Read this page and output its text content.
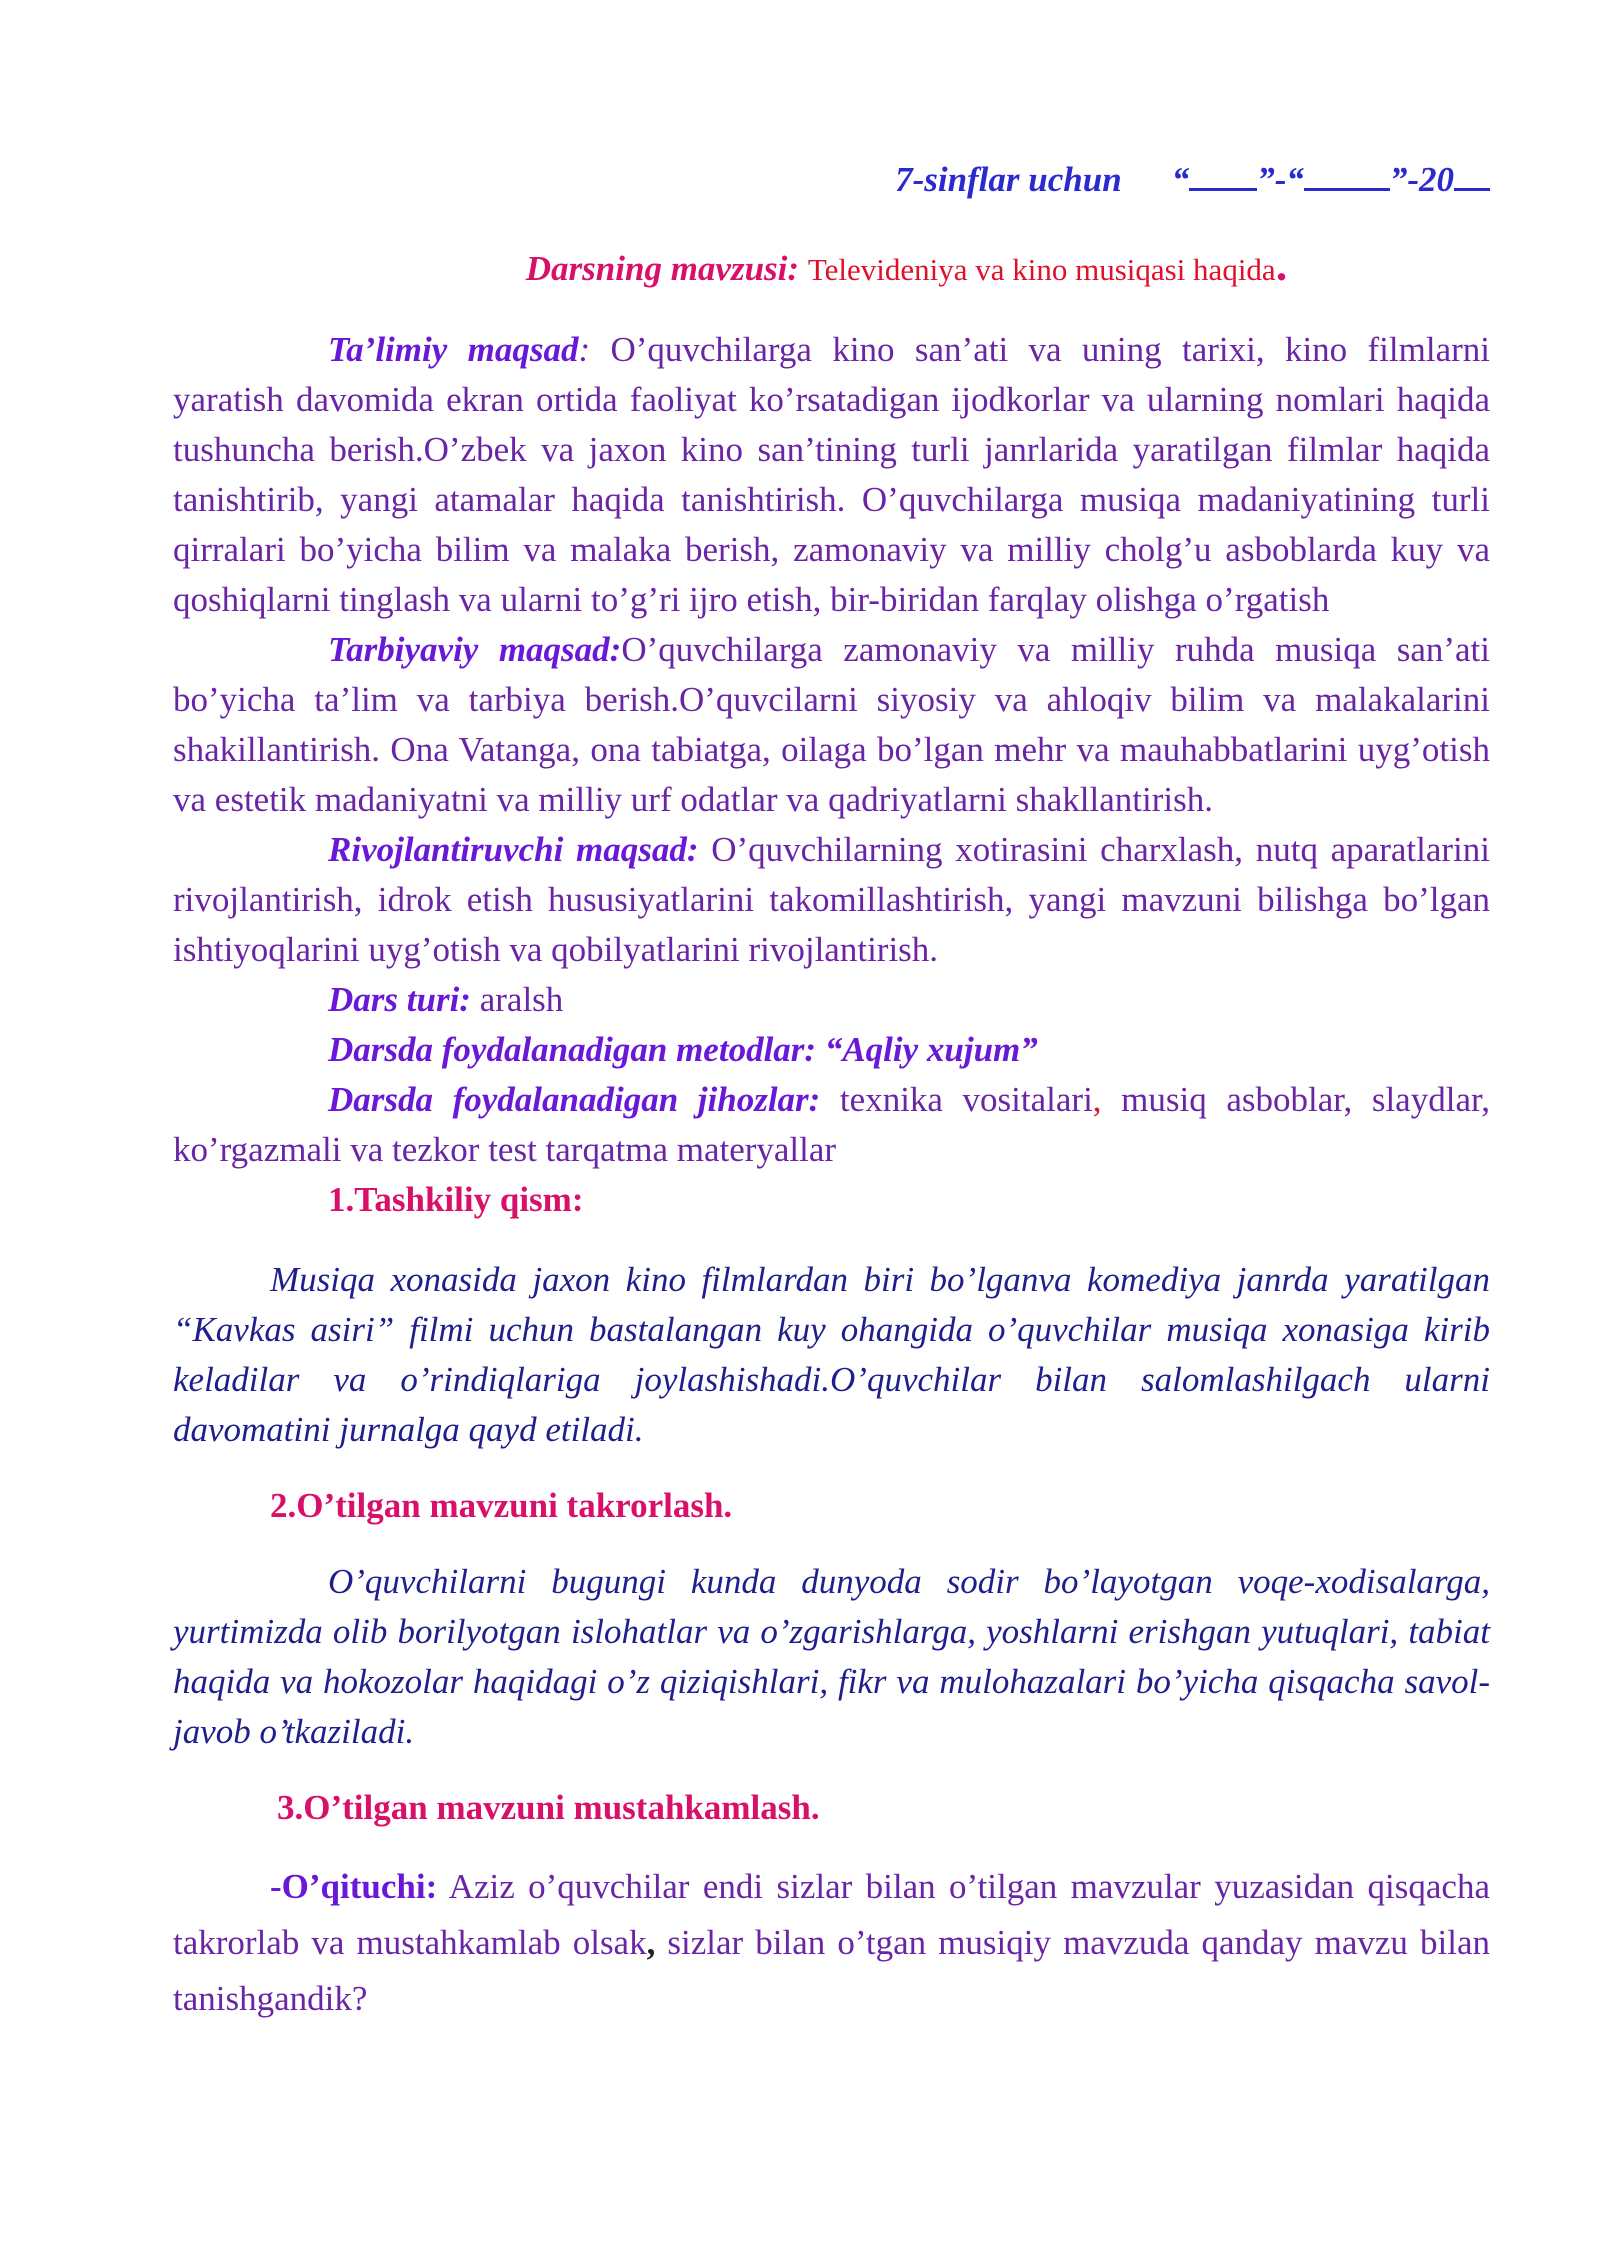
7-sinflar uchun “ ”-“ ”-20

Darsning mavzusi: Televideniya va kino musiqasi haqida.

Ta’limiy maqsad: O’quvchilarga kino san’ati va uning tarixi, kino filmlarni yaratish davomida ekran ortida faoliyat ko’rsatadigan ijodkorlar va ularning nomlari haqida tushuncha berish.O’zbek va jaxon kino san’tining turli janrlarida yaratilgan filmlar haqida tanishtirib, yangi atamalar haqida tanishtirish. O’quvchilarga musiqa madaniyatining turli qirralari bo’yicha bilim va malaka berish, zamonaviy va milliy cholg’u asboblarda kuy va qoshiqlarni tinglash va ularni to’g’ri ijro etish, bir-biridan farqlay olishga o’rgatish

Tarbiyaviy maqsad:O’quvchilarga zamonaviy va milliy ruhda musiqa san’ati bo’yicha ta’lim va tarbiya berish.O’quvcilarni siyosiy va ahloqiv bilim va malakalarini shakillantirish. Ona Vatanga, ona tabiatga, oilaga bo’lgan mehr va mauhabbatlarini uyg’otish va estetik madaniyatni va milliy urf odatlar va qadriyatlarni shakllantirish.

Rivojlantiruvchi maqsad: O’quvchilarning xotirasini charxlash, nutq aparatlarini rivojlantirish, idrok etish hususiyatlarini takomillashtirish, yangi mavzuni bilishga bo’lgan ishtiyoqlarini uyg’otish va qobilyatlarini rivojlantirish.

Dars turi: aralsh

Darsda foydalanadigan metodlar: “Aqliy xujum”

Darsda foydalanadigan jihozlar: texnika vositalari, musiq asboblar, slaydlar, ko’rgazmali va tezkor test tarqatma materyallar

1.Tashkiliy qism:

Musiqa xonasida jaxon kino filmlardan biri bo’lganva komediya janrda yaratilgan “Kavkas asiri” filmi uchun bastalangan kuy ohangida o’quvchilar musiqa xonasiga kirib keladilar va o’rindiqlariga joylashishadi.O’quvchilar bilan salomlashilgach ularni davomatini jurnalga qayd etiladi.

2.O’tilgan mavzuni takrorlash.

O’quvchilarni bugungi kunda dunyoda sodir bo’layotgan voqe-xodisalarga, yurtimizda olib borilyotgan islohatlar va o’zgarishlarga, yoshlarni erishgan yutuqlari, tabiat haqida va hokozolar haqidagi o’z qiziqishlari, fikr va mulohazalari bo’yicha qisqacha savol-javob o’tkaziladi.

3.O’tilgan mavzuni mustahkamlash.

-O’qituchi: Aziz o’quvchilar endi sizlar bilan o’tilgan mavzular yuzasidan qisqacha takrorlab va mustahkamlab olsak, sizlar bilan o’tgan musiqiy mavzuda qanday mavzu bilan tanishgandik?
